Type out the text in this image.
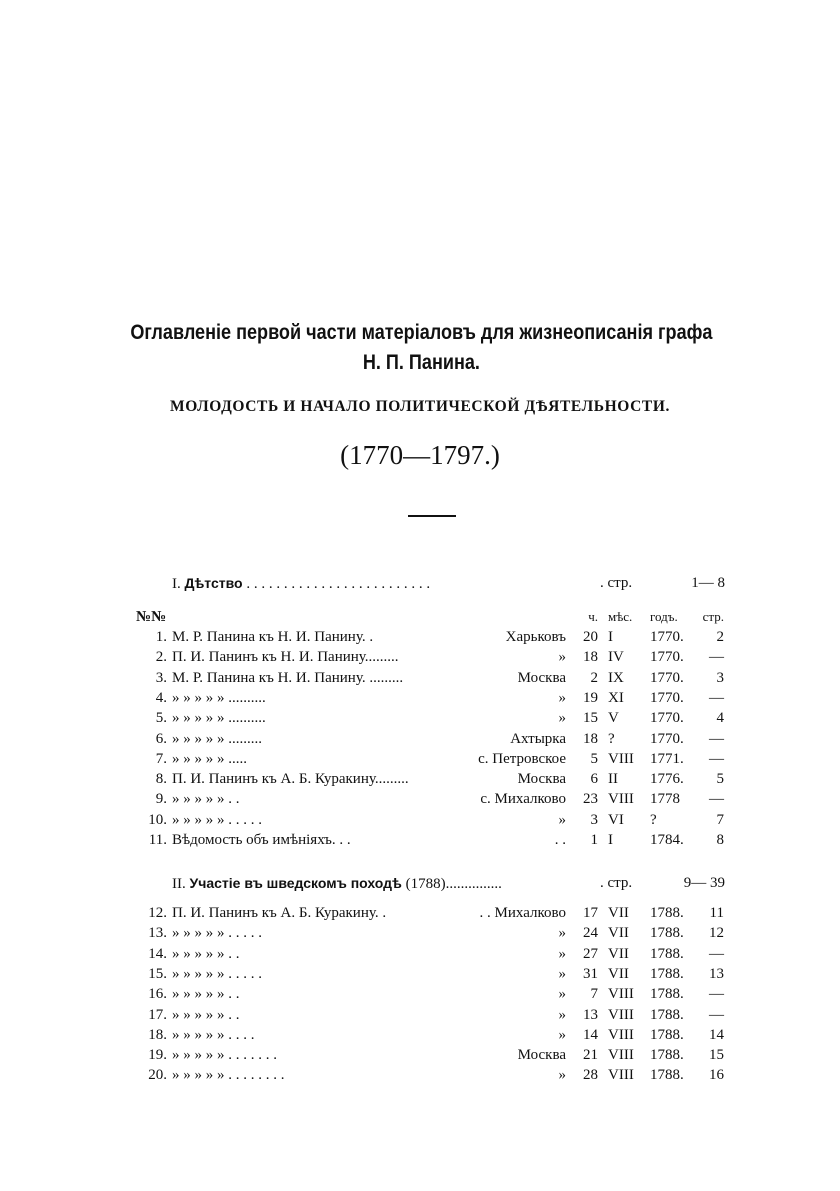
Оглавленіе первой части матеріаловъ для жизнеописанія графа
Н. П. Панина.
МОЛОДОСТЬ И НАЧАЛО ПОЛИТИЧЕСКОЙ ДѢЯТЕЛЬНОСТИ.
(1770—1797.)
I. Дѣтство . . . . . . . . . . . . . . . . . . . . . . . . .	. стр.	1— 8
№№	ч. мѣс.	годъ.	стр.
1. М. Р. Панина къ Н. И. Панину. .	Харьковъ	20 I	1770.	2
2. П. И. Панинъ къ Н. И. Панину.........	»	18 IV	1770.	—
3. М. Р. Панина къ Н. И. Панину. .........	Москва	2 IX	1770.	3
4. » » » » » ..........	»	19 XI	1770.	—
5. » » » » » ..........	»	15 V	1770.	4
6. » » » » » .........	Ахтырка	18 ?	1770.	—
7. » » » » » .....	с. Петровское	5 VIII	1771.	—
8. П. И. Панинъ къ А. Б. Куракину.........	Москва	6 II	1776.	5
9. » » » » » . .	с. Михалково	23 VIII	1778	—
10. » » » » » . . . . .	»	3 VI	?	7
11. Вѣдомость объ имѣніяхъ. . .	. .	1 I	1784.	8
II. Участіе въ шведскомъ походѣ (1788)...............	. стр.	9— 39
12. П. И. Панинъ къ А. Б. Куракину. .	. . Михалково	17 VII	1788.	11
13. » » » » » . . . . .	»	24 VII	1788.	12
14. » » » » » . .	»	27 VII	1788.	—
15. » » » » » . . . . .	»	31 VII	1788.	13
16. » » » » » . .	»	7 VIII	1788.	—
17. » » » » » . .	»	13 VIII	1788.	—
18. » » » » » . . . .	»	14 VIII	1788.	14
19. » » » » » . . . . . . .	Москва	21 VIII	1788.	15
20. » » » » » . . . . . . . .	»	28 VIII	1788.	16
